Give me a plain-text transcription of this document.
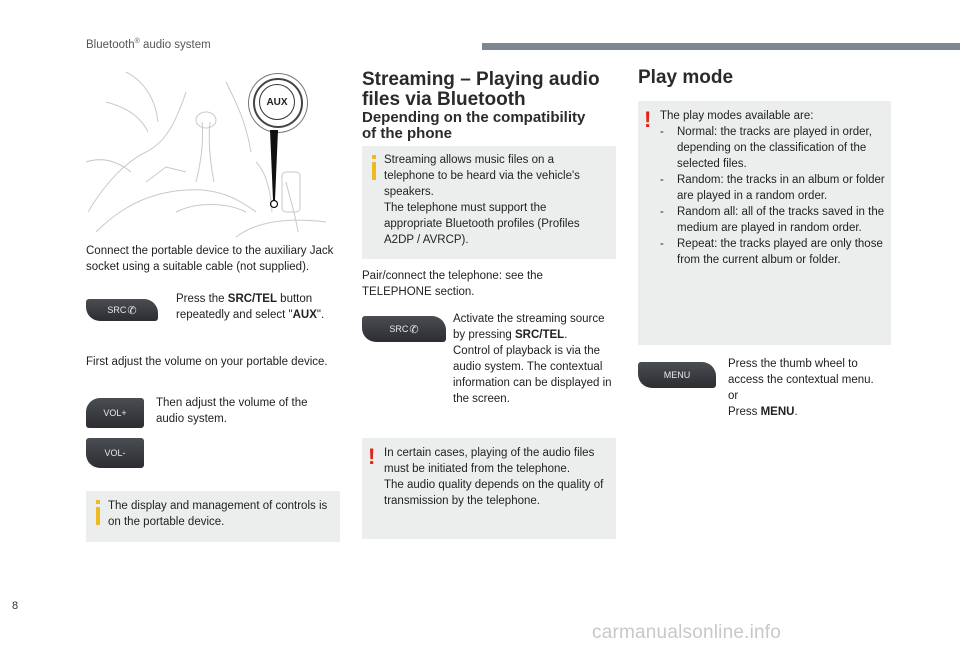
Bluetooth® audio system
AUX
Connect the portable device to the auxiliary Jack socket using a suitable cable (not supplied).
SRC ✆
Press the SRC/TEL button repeatedly and select "AUX".
First adjust the volume on your portable device.
VOL+
VOL-
Then adjust the volume of the audio system.
The display and management of controls is on the portable device.
Streaming – Playing audio
files via Bluetooth
Depending on the compatibility
of the phone
Streaming allows music files on a telephone to be heard via the vehicle's speakers.
The telephone must support the appropriate Bluetooth profiles (Profiles A2DP / AVRCP).
Pair/connect the telephone: see the TELEPHONE section.
SRC ✆
Activate the streaming source by pressing SRC/TEL.
Control of playback is via the audio system. The contextual information can be displayed in the screen.
! In certain cases, playing of the audio files must be initiated from the telephone.
The audio quality depends on the quality of transmission by the telephone.
Play mode
! The play modes available are:
- Normal: the tracks are played in order, depending on the classification of the selected files.
- Random: the tracks in an album or folder are played in a random order.
- Random all: all of the tracks saved in the medium are played in random order.
- Repeat: the tracks played are only those from the current album or folder.
MENU
Press the thumb wheel to access the contextual menu.
or
Press MENU.
8
carmanualsonline.info
